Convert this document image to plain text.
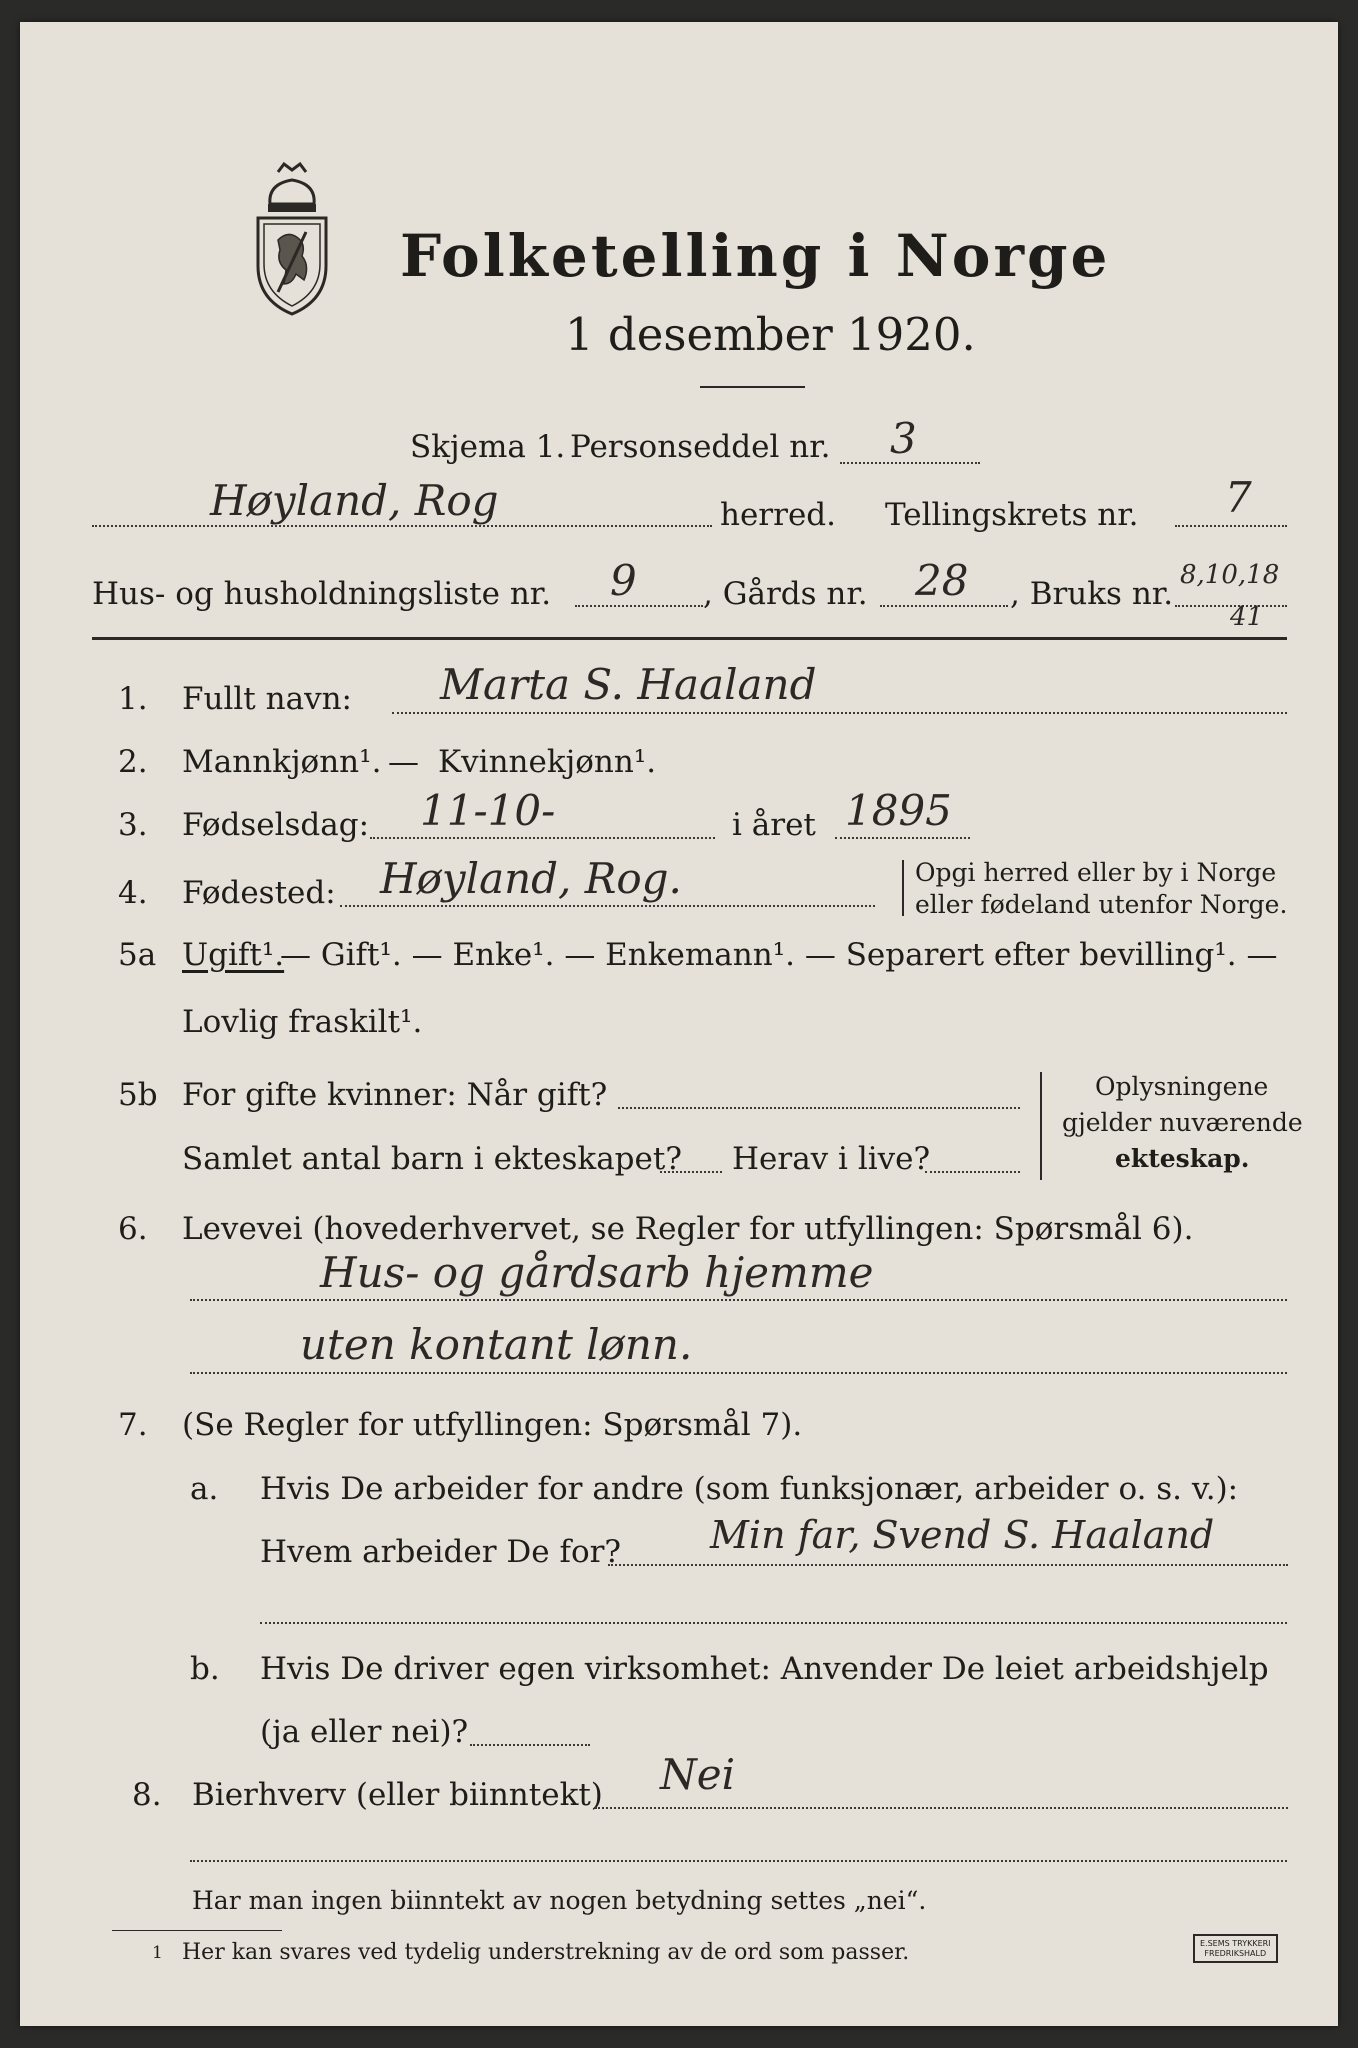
Folketelling i Norge
1 desember 1920.
Skjema 1. Personseddel nr. 3
Høyland, Rog	herred. Tellingskrets nr. 7
Hus- og husholdningsliste nr. 9 , Gårds nr. 28 , Bruks nr.
8,10,18
41
1. Fullt navn: Marta S. Haaland
2. Mannkjønn¹. — Kvinnekjønn¹.
3. Fødselsdag: 11-10-	i året 1895
4. Fødested: Høyland, Rog.	Opgi herred eller by i Norge
eller fødeland utenfor Norge.
5a Ugift¹.
— Gift¹. — Enke¹. — Enkemann¹. — Separert efter bevilling¹. —
Lovlig fraskilt¹.
5b For gifte kvinner: Når gift?
Samlet antal barn i ekteskapet? Herav i live?
Oplysningene
gjelder nuværende
ekteskap.
6. Levevei (hovederhvervet, se Regler for utfyllingen: Spørsmål 6).
Hus- og gårdsarb hjemme
uten kontant lønn.
7. (Se Regler for utfyllingen: Spørsmål 7).
a. Hvis De arbeider for andre (som funksjonær, arbeider o. s. v.):
Hvem arbeider De for? Min far, Svend S. Haaland
b. Hvis De driver egen virksomhet: Anvender De leiet arbeidshjelp
(ja eller nei)?
8. Bierhverv (eller biinntekt) Nei
Har man ingen biinntekt av nogen betydning settes „nei“.
1 Her kan svares ved tydelig understrekning av de ord som passer.	E.SEMS TRYKKERI
FREDRIKSHALD
